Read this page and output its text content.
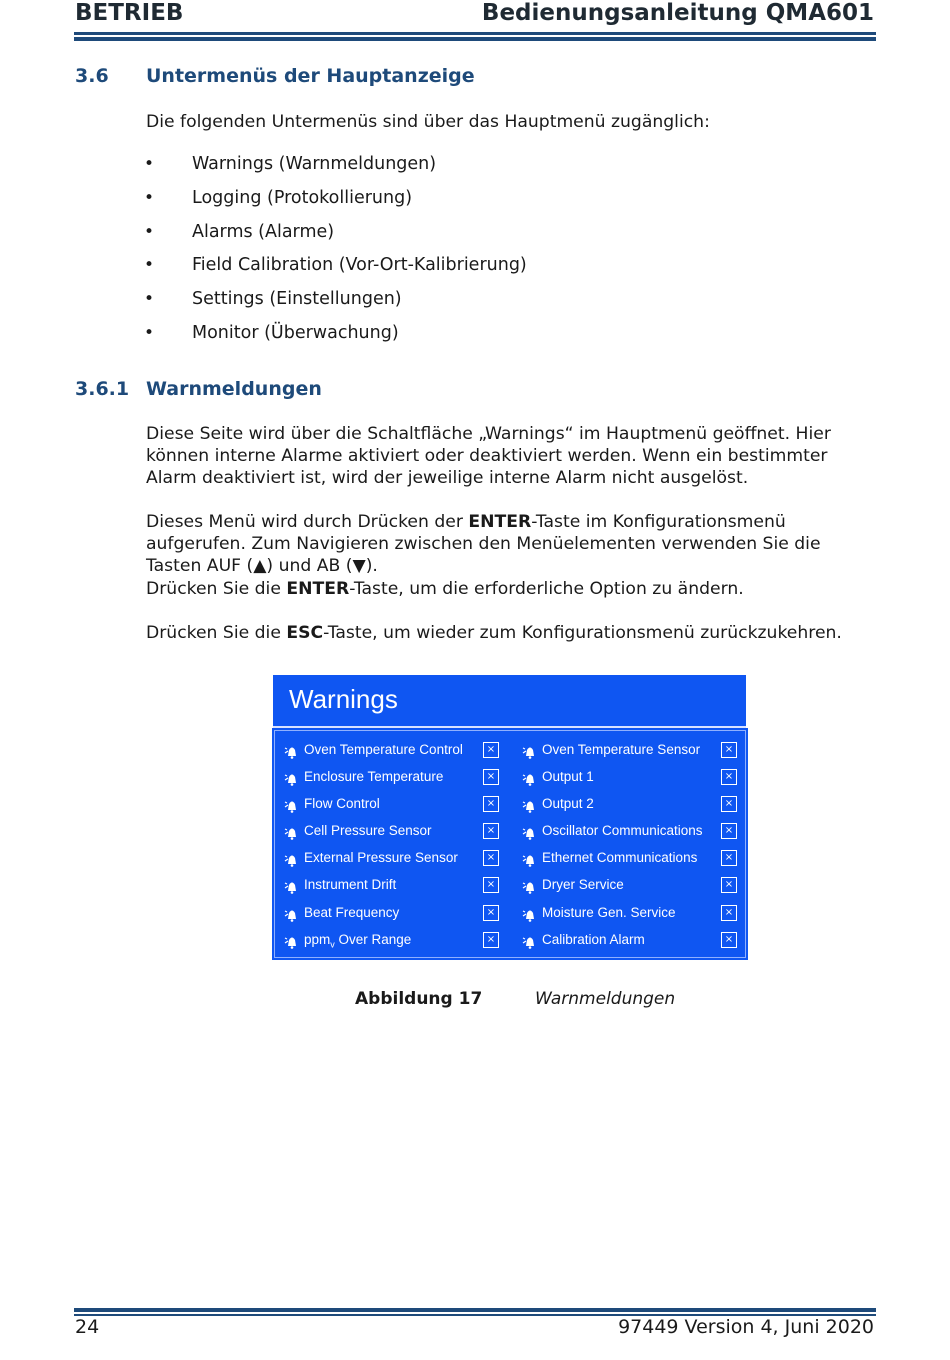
BETRIEB	Bedienungsanleitung QMA601
3.6 Untermenüs der Hauptanzeige
Die folgenden Untermenüs sind über das Hauptmenü zugänglich:
• Warnings (Warnmeldungen)
• Logging (Protokollierung)
• Alarms (Alarme)
• Field Calibration (Vor-Ort-Kalibrierung)
• Settings (Einstellungen)
• Monitor (Überwachung)
3.6.1 Warnmeldungen
Diese Seite wird über die Schaltfläche „Warnings“ im Hauptmenü geöffnet. Hier können interne Alarme aktiviert oder deaktiviert werden. Wenn ein bestimmter Alarm deaktiviert ist, wird der jeweilige interne Alarm nicht ausgelöst.
Dieses Menü wird durch Drücken der ENTER-Taste im Konfigurationsmenü aufgerufen. Zum Navigieren zwischen den Menüelementen verwenden Sie die Tasten AUF (▲) und AB (▼).
Drücken Sie die ENTER-Taste, um die erforderliche Option zu ändern.
Drücken Sie die ESC-Taste, um wieder zum Konfigurationsmenü zurückzukehren.
Warnings
Oven Temperature Control	×
Enclosure Temperature	×
Flow Control	×
Cell Pressure Sensor	×
External Pressure Sensor	×
Instrument Drift	×
Beat Frequency	×
ppm$_v$ Over Range	×
Oven Temperature Sensor	×
Output 1	×
Output 2	×
Oscillator Communications	×
Ethernet Communications	×
Dryer Service	×
Moisture Gen. Service	×
Calibration Alarm	×
Abbildung 17	Warnmeldungen
24	97449 Version 4, Juni 2020
